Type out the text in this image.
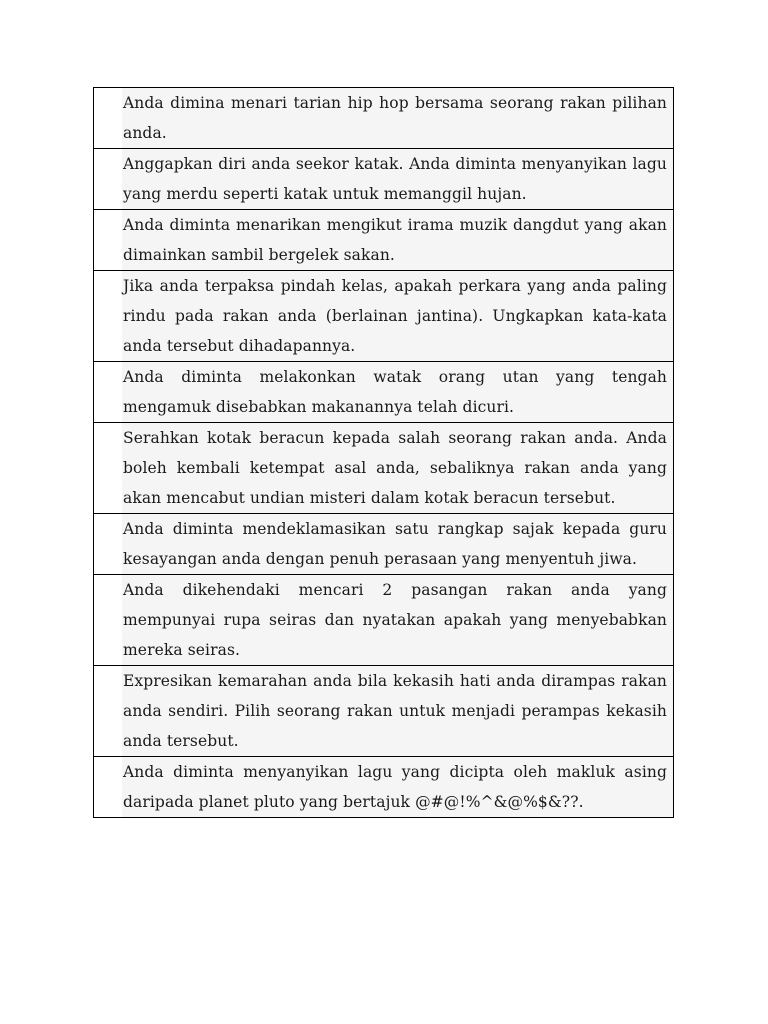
Anda dimina menari tarian hip hop bersama seorang rakan pilihan anda.
Anggapkan diri anda seekor katak. Anda diminta menyanyikan lagu yang merdu seperti katak untuk memanggil hujan.
Anda diminta menarikan mengikut irama muzik dangdut yang akan dimainkan sambil bergelek sakan.
Jika anda terpaksa pindah kelas, apakah perkara yang anda paling rindu pada rakan anda (berlainan jantina). Ungkapkan kata-kata anda tersebut dihadapannya.
Anda diminta melakonkan watak orang utan yang tengah mengamuk disebabkan makanannya telah dicuri.
Serahkan kotak beracun kepada salah seorang rakan anda. Anda boleh kembali ketempat asal anda, sebaliknya rakan anda yang akan mencabut undian misteri dalam kotak beracun tersebut.
Anda diminta mendeklamasikan satu rangkap sajak kepada guru kesayangan anda dengan penuh perasaan yang menyentuh jiwa.
Anda dikehendaki mencari 2 pasangan rakan anda yang mempunyai rupa seiras dan nyatakan apakah yang menyebabkan mereka seiras.
Expresikan kemarahan anda bila kekasih hati anda dirampas rakan anda sendiri. Pilih seorang rakan untuk menjadi perampas kekasih anda tersebut.
Anda diminta menyanyikan lagu yang dicipta oleh makluk asing daripada planet pluto yang bertajuk @#@!%^&@%$&??.
